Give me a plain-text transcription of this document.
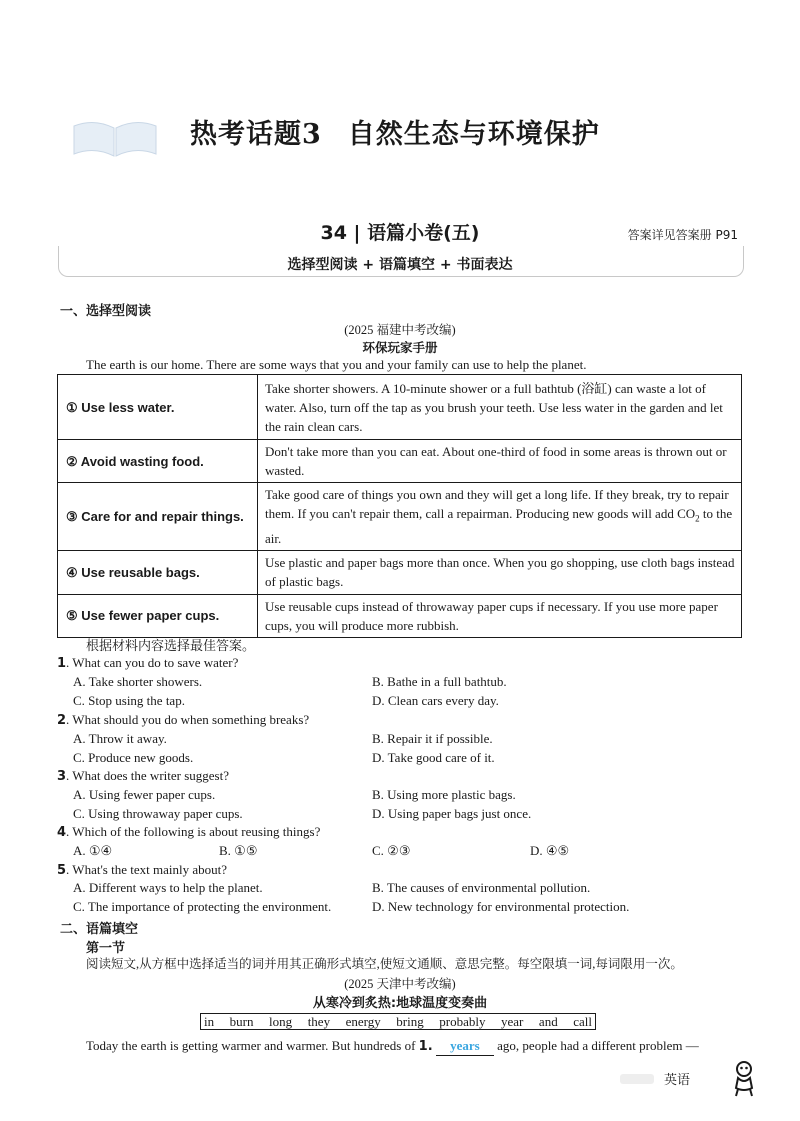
热考话题3 自然生态与环境保护
34 | 语篇小卷(五)	答案详见答案册 P91
选择型阅读 + 语篇填空 + 书面表达
一、选择型阅读
(2025 福建中考改编)
环保玩家手册
The earth is our home. There are some ways that you and your family can use to help the planet.
① Use less water.	Take shorter showers. A 10-minute shower or a full bathtub (浴缸) can waste a lot of water. Also, turn off the tap as you brush your teeth. Use less water in the garden and let the rain clean cars.
② Avoid wasting food.	Don't take more than you can eat. About one-third of food in some areas is thrown out or wasted.
③ Care for and repair things.	Take good care of things you own and they will get a long life. If they break, try to repair them. If you can't repair them, call a repairman. Producing new goods will add $CO_2$ to the air.
④ Use reusable bags.	Use plastic and paper bags more than once. When you go shopping, use cloth bags instead of plastic bags.
⑤ Use fewer paper cups.	Use reusable cups instead of throwaway paper cups if necessary. If you use more paper cups, you will produce more rubbish.
根据材料内容选择最佳答案。
1. What can you do to save water?
A. Take shorter showers.	B. Bathe in a full bathtub.
C. Stop using the tap.	D. Clean cars every day.
2. What should you do when something breaks?
A. Throw it away.	B. Repair it if possible.
C. Produce new goods.	D. Take good care of it.
3. What does the writer suggest?
A. Using fewer paper cups.	B. Using more plastic bags.
C. Using throwaway paper cups.	D. Using paper bags just once.
4. Which of the following is about reusing things?
A. ①④	B. ①⑤	C. ②③	D. ④⑤
5. What's the text mainly about?
A. Different ways to help the planet.	B. The causes of environmental pollution.
C. The importance of protecting the environment.	D. New technology for environmental protection.
二、语篇填空
第一节
阅读短文,从方框中选择适当的词并用其正确形式填空,使短文通顺、意思完整。每空限填一词,每词限用一次。
(2025 天津中考改编)
从寒冷到炙热:地球温度变奏曲
in burn long they energy bring probably year and call
Today the earth is getting warmer and warmer. But hundreds of 1. years ago, people had a different problem —
英语
